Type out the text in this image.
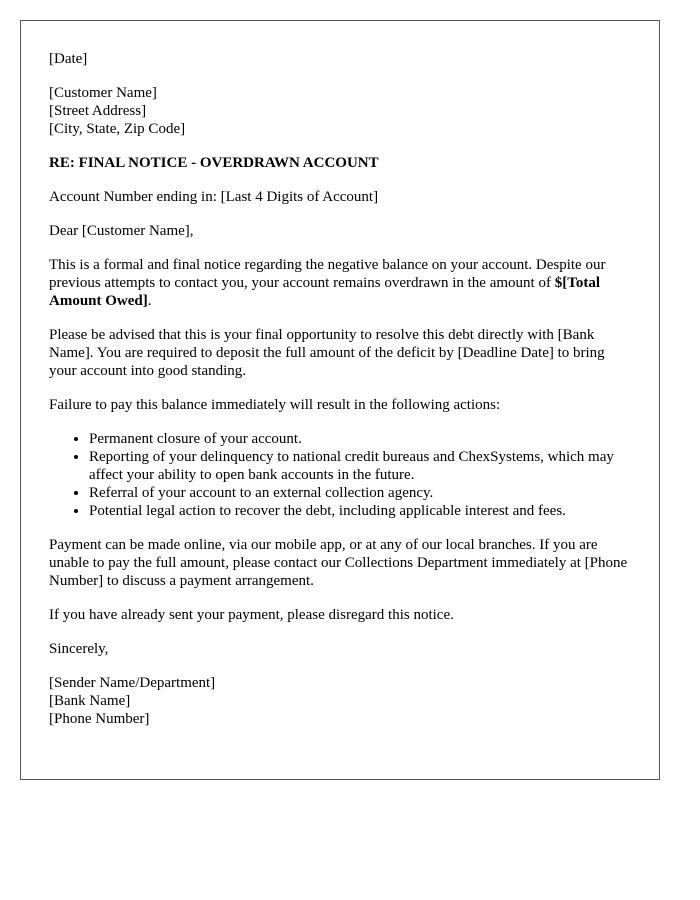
[Date]
[Customer Name]
[Street Address]
[City, State, Zip Code]

RE: FINAL NOTICE - OVERDRAWN ACCOUNT

Account Number ending in: [Last 4 Digits of Account]

Dear [Customer Name],

This is a formal and final notice regarding the negative balance on your account. Despite our previous attempts to contact you, your account remains overdrawn in the amount of $[Total Amount Owed].

Please be advised that this is your final opportunity to resolve this debt directly with [Bank Name]. You are required to deposit the full amount of the deficit by [Deadline Date] to bring your account into good standing.

Failure to pay this balance immediately will result in the following actions:

• Permanent closure of your account.
• Reporting of your delinquency to national credit bureaus and ChexSystems, which may affect your ability to open bank accounts in the future.
• Referral of your account to an external collection agency.
• Potential legal action to recover the debt, including applicable interest and fees.

Payment can be made online, via our mobile app, or at any of our local branches. If you are unable to pay the full amount, please contact our Collections Department immediately at [Phone Number] to discuss a payment arrangement.

If you have already sent your payment, please disregard this notice.

Sincerely,

[Sender Name/Department]
[Bank Name]
[Phone Number]
